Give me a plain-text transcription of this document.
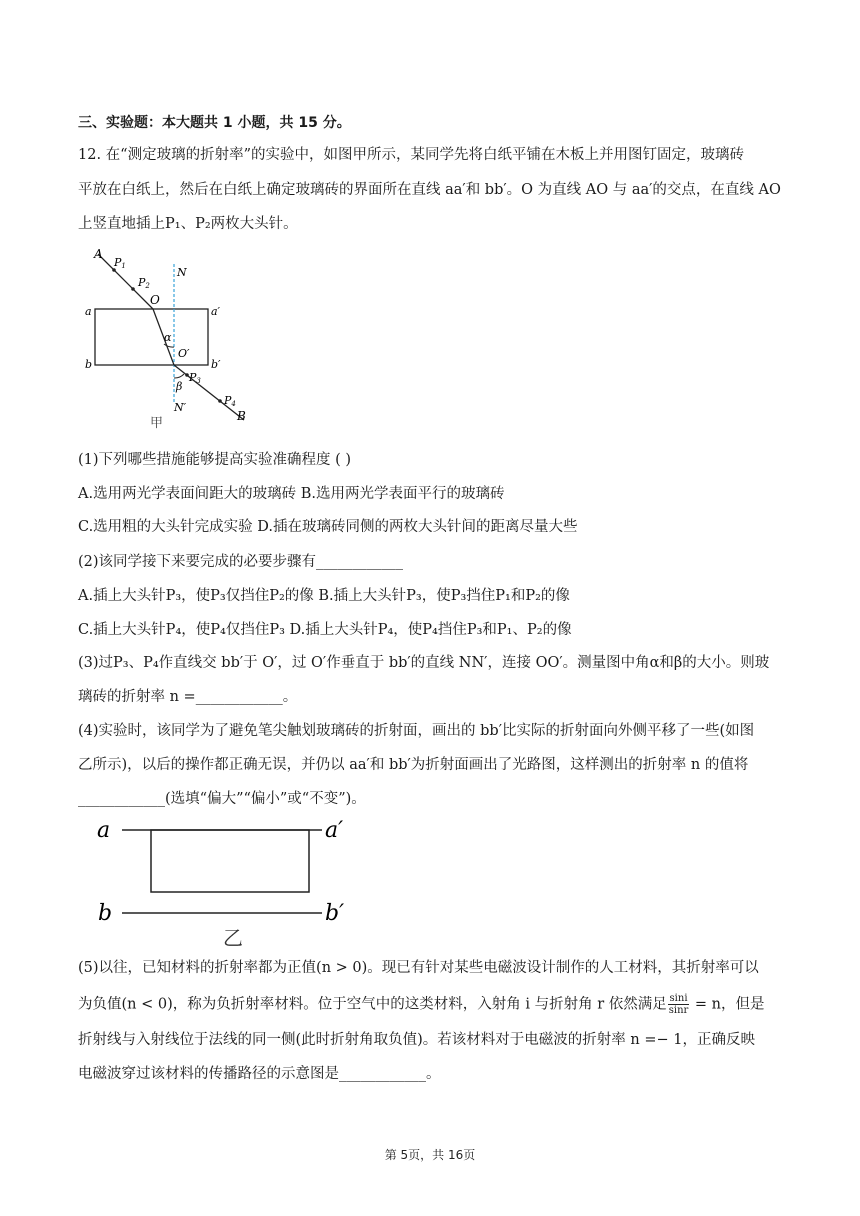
三、实验题：本大题共 1 小题，共 15 分。
12. 在“测定玻璃的折射率”的实验中，如图甲所示，某同学先将白纸平铺在木板上并用图钉固定，玻璃砖
平放在白纸上，然后在白纸上确定玻璃砖的界面所在直线 aa′和 bb′。O 为直线 AO 与 aa′的交点，在直线 AO
上竖直地插上P₁、P₂两枚大头针。
A
P1
P2
N
O
a	a′
α
O′
b	b′
β
P3
N′
P4
B
甲
(1)下列哪些措施能够提高实验准确程度 ( )
A.选用两光学表面间距大的玻璃砖 B.选用两光学表面平行的玻璃砖
C.选用粗的大头针完成实验 D.插在玻璃砖同侧的两枚大头针间的距离尽量大些
(2)该同学接下来要完成的必要步骤有____________
A.插上大头针P₃，使P₃仅挡住P₂的像 B.插上大头针P₃，使P₃挡住P₁和P₂的像
C.插上大头针P₄，使P₄仅挡住P₃ D.插上大头针P₄，使P₄挡住P₃和P₁、P₂的像
(3)过P₃、P₄作直线交 bb′于 O′，过 O′作垂直于 bb′的直线 NN′，连接 OO′。测量图中角α和β的大小。则玻
璃砖的折射率 n =____________。
(4)实验时，该同学为了避免笔尖触划玻璃砖的折射面，画出的 bb′比实际的折射面向外侧平移了一些(如图
乙所示)，以后的操作都正确无误，并仍以 aa′和 bb′为折射面画出了光路图，这样测出的折射率 n 的值将
____________(选填“偏大”“偏小”或“不变”)。
a	a′
b	b′
乙
(5)以往，已知材料的折射率都为正值(n > 0)。现已有针对某些电磁波设计制作的人工材料，其折射率可以
为负值(n < 0)，称为负折射率材料。位于空气中的这类材料，入射角 i 与折射角 r 依然满足 $\frac{\sin i}{\sin r} = n$，但是
折射线与入射线位于法线的同一侧(此时折射角取负值)。若该材料对于电磁波的折射率 n =− 1，正确反映
电磁波穿过该材料的传播路径的示意图是____________。
第 5页，共 16页
